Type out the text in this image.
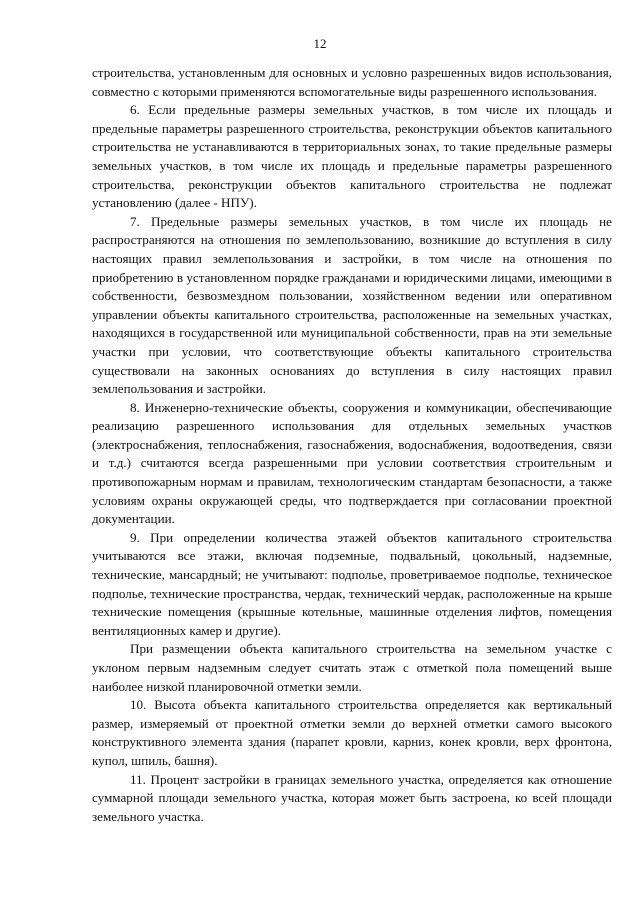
12

строительства, установленным для основных и условно разрешенных видов использования, совместно с которыми применяются вспомогательные виды разрешенного использования.

6. Если предельные размеры земельных участков, в том числе их площадь и предельные параметры разрешенного строительства, реконструкции объектов капитального строительства не устанавливаются в территориальных зонах, то такие предельные размеры земельных участков, в том числе их площадь и предельные параметры разрешенного строительства, реконструкции объектов капитального строительства не подлежат установлению (далее - НПУ).

7. Предельные размеры земельных участков, в том числе их площадь не распространяются на отношения по землепользованию, возникшие до вступления в силу настоящих правил землепользования и застройки, в том числе на отношения по приобретению в установленном порядке гражданами и юридическими лицами, имеющими в собственности, безвозмездном пользовании, хозяйственном ведении или оперативном управлении объекты капитального строительства, расположенные на земельных участках, находящихся в государственной или муниципальной собственности, прав на эти земельные участки при условии, что соответствующие объекты капитального строительства существовали на законных основаниях до вступления в силу настоящих правил землепользования и застройки.

8. Инженерно-технические объекты, сооружения и коммуникации, обеспечивающие реализацию разрешенного использования для отдельных земельных участков (электроснабжения, теплоснабжения, газоснабжения, водоснабжения, водоотведения, связи и т.д.) считаются всегда разрешенными при условии соответствия строительным и противопожарным нормам и правилам, технологическим стандартам безопасности, а также условиям охраны окружающей среды, что подтверждается при согласовании проектной документации.

9. При определении количества этажей объектов капитального строительства учитываются все этажи, включая подземные, подвальный, цокольный, надземные, технические, мансардный; не учитывают: подполье, проветриваемое подполье, техническое подполье, технические пространства, чердак, технический чердак, расположенные на крыше технические помещения (крышные котельные, машинные отделения лифтов, помещения вентиляционных камер и другие).

При размещении объекта капитального строительства на земельном участке с уклоном первым надземным следует считать этаж с отметкой пола помещений выше наиболее низкой планировочной отметки земли.

10. Высота объекта капитального строительства определяется как вертикальный размер, измеряемый от проектной отметки земли до верхней отметки самого высокого конструктивного элемента здания (парапет кровли, карниз, конек кровли, верх фронтона, купол, шпиль, башня).

11. Процент застройки в границах земельного участка, определяется как отношение суммарной площади земельного участка, которая может быть застроена, ко всей площади земельного участка.
